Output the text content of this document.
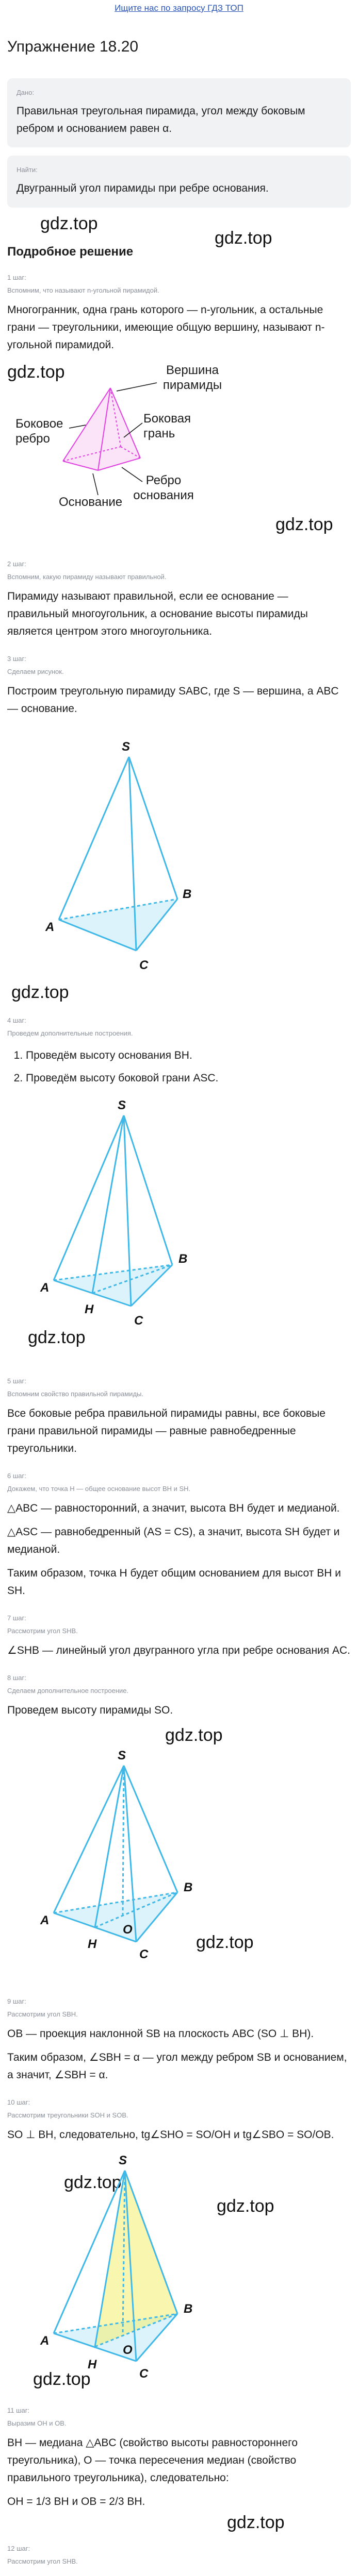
Ищите нас по запросу ГДЗ ТОП
Упражнение 18.20
Дано:
Правильная треугольная пирамида, угол между боковым ребром и основанием равен α.
Найти:
Двугранный угол пирамиды при ребре основания.
gdz.top
gdz.top
Подробное решение
1 шаг:
Вспомним, что называют n-угольной пирамидой.

Многогранник, одна грань которого — n-угольник, а остальные грани — треугольники, имеющие общую вершину, называют n-угольной пирамидой.

gdz.top
gdz.top
Вершина пирамиды
Боковое ребро
Боковая грань
Ребро основания
Основание
2 шаг:
Вспомним, какую пирамиду называют правильной.

Пирамиду называют правильной, если ее основание — правильный многоугольник, а основание высоты пирамиды является центром этого многоугольника.

3 шаг:
Сделаем рисунок.

Построим треугольную пирамиду SABC, где S — вершина, а ABC — основание.

S
A
B
C
gdz.top
4 шаг:
Проведем дополнительные построения.
1. Проведём высоту основания BH.
2. Проведём высоту боковой грани ASC.
S
A
B
C
H
gdz.top
5 шаг:
Вспомним свойство правильной пирамиды.

Все боковые ребра правильной пирамиды равны, все боковые грани правильной пирамиды — равные равнобедренные треугольники.

6 шаг:
Докажем, что точка H — общее основание высот BH и SH.

△ABC — равносторонний, а значит, высота BH будет и медианой.

△ASC — равнобедренный (AS = CS), а значит, высота SH будет и медианой.

Таким образом, точка H будет общим основанием для высот BH и SH.

7 шаг:
Рассмотрим угол SHB.

∠SHB — линейный угол двугранного угла при ребре основания AC.

8 шаг:
Сделаем дополнительное построение.

Проведем высоту пирамиды SO.

gdz.top
S
A
B
C
H
O
gdz.top
9 шаг:
Рассмотрим угол SBH.

OB — проекция наклонной SB на плоскость ABC (SO ⊥ BH).

Таким образом, ∠SBH = α — угол между ребром SB и основанием, а значит, ∠SBH = α.

10 шаг:
Рассмотрим треугольники SOH и SOB.

SO ⊥ BH, следовательно, tg∠SHO = SO/OH и tg∠SBO = SO/OB.

gdz.top
S
A
B
C
H
O
gdz.top
gdz.top
11 шаг:
Выразим OH и OB.

BH — медиана △ABC (свойство высоты равностороннего треугольника), O — точка пересечения медиан (свойство правильного треугольника), следовательно:

OH = 1/3 BH и OB = 2/3 BH.

gdz.top
12 шаг:
Рассмотрим угол SHB.
